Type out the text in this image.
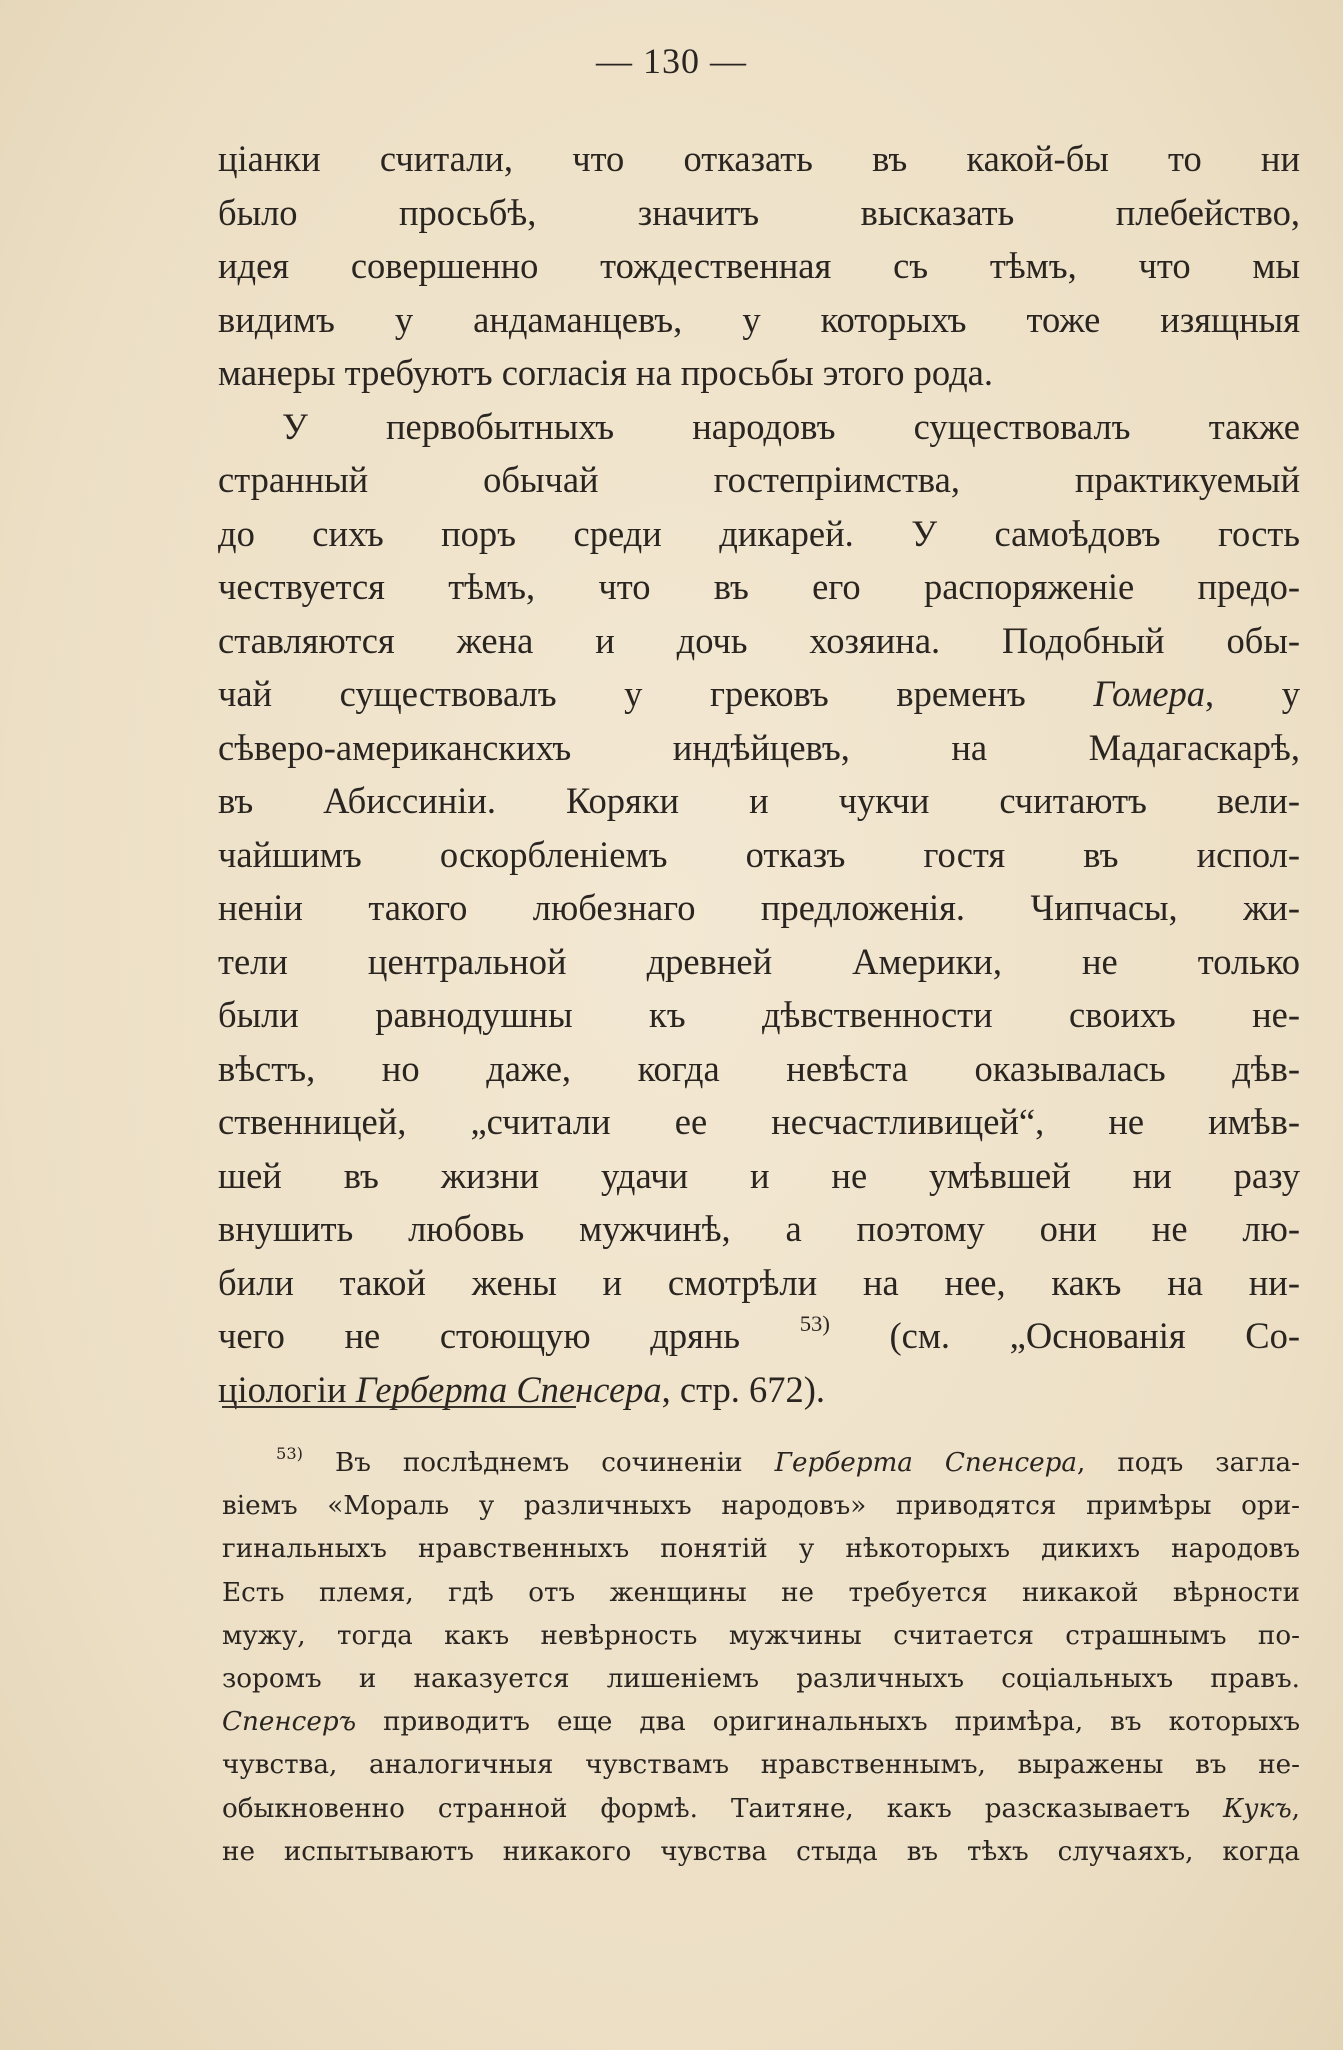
— 130 —
ціанки считали, что отказать въ какой-бы то ни
было просьбѣ, значитъ высказать плебейство,
идея совершенно тождественная съ тѣмъ, что мы
видимъ у андаманцевъ, у которыхъ тоже изящныя
манеры требуютъ согласія на просьбы этого рода.
У первобытныхъ народовъ существовалъ также
странный обычай гостепріимства, практикуемый
до сихъ поръ среди дикарей. У самоѣдовъ гость
чествуется тѣмъ, что въ его распоряженіе предо-
ставляются жена и дочь хозяина. Подобный обы-
чай существовалъ у грековъ временъ Гомера, у
сѣверо-американскихъ индѣйцевъ, на Мадагаскарѣ,
въ Абиссиніи. Коряки и чукчи считаютъ вели-
чайшимъ оскорбленіемъ отказъ гостя въ испол-
неніи такого любезнаго предложенія. Чипчасы, жи-
тели центральной древней Америки, не только
были равнодушны къ дѣвственности своихъ не-
вѣстъ, но даже, когда невѣста оказывалась дѣв-
ственницей, „считали ее несчастливицей“, не имѣв-
шей въ жизни удачи и не умѣвшей ни разу
внушить любовь мужчинѣ, а поэтому они не лю-
били такой жены и смотрѣли на нее, какъ на ни-
чего не стоющую дрянь	$^{53)}$ (см. „Основанія Со-
ціологіи Герберта Спенсера, стр. 672).
$^{53)}$ Въ послѣднемъ сочиненіи Герберта Спенсера, подъ загла-
віемъ «Мораль у различныхъ народовъ» приводятся примѣры ори-
гинальныхъ нравственныхъ понятій у нѣкоторыхъ дикихъ народовъ
Есть племя, гдѣ отъ женщины не требуется никакой вѣрности
мужу, тогда какъ невѣрность мужчины считается страшнымъ по-
зоромъ и наказуется лишеніемъ различныхъ соціальныхъ правъ.
Спенсеръ приводитъ еще два оригинальныхъ примѣра, въ которыхъ
чувства, аналогичныя чувствамъ нравственнымъ, выражены въ не-
обыкновенно странной формѣ. Таитяне, какъ разсказываетъ Кукъ,
не испытываютъ никакого чувства стыда въ тѣхъ случаяхъ, когда
